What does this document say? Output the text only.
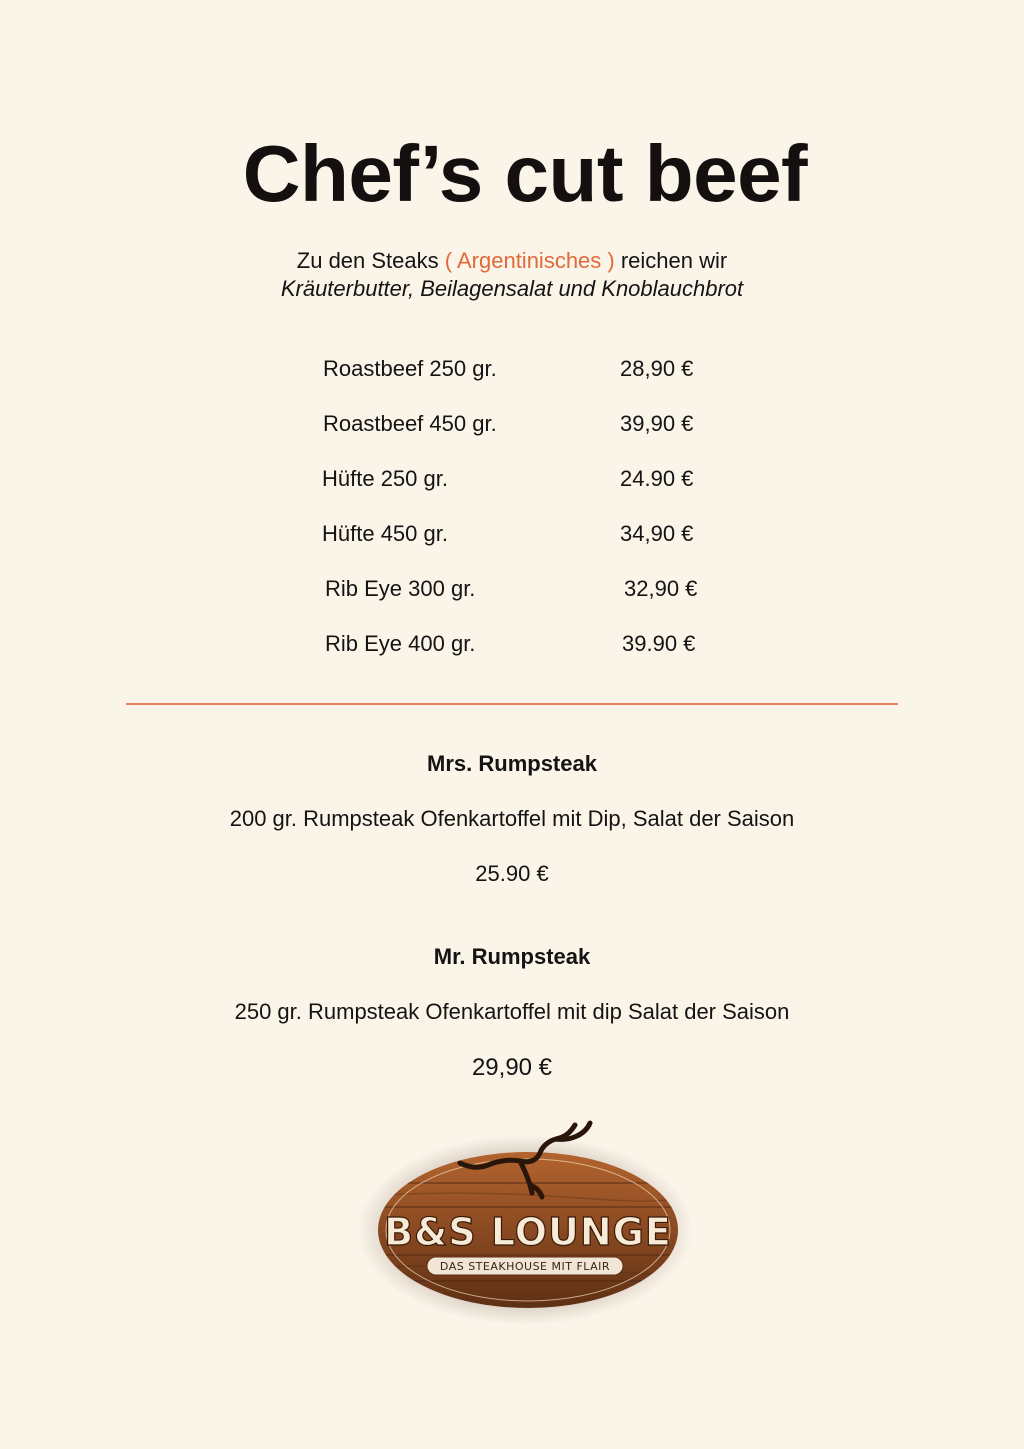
Chef’s cut beef
Zu den Steaks ( Argentinisches ) reichen wir
Kräuterbutter, Beilagensalat und Knoblauchbrot
Roastbeef 250 gr.	28,90 €
Roastbeef 450 gr.	39,90 €
Hüfte 250 gr.	24.90 €
Hüfte 450 gr.	34,90 €
Rib Eye 300 gr.	32,90 €
Rib Eye 400 gr.	39.90 €
Mrs. Rumpsteak
200 gr. Rumpsteak Ofenkartoffel mit Dip, Salat der Saison
25.90 €
Mr. Rumpsteak
250 gr. Rumpsteak Ofenkartoffel mit dip Salat der Saison
29,90 €
B&S LOUNGE
DAS STEAKHOUSE MIT FLAIR
